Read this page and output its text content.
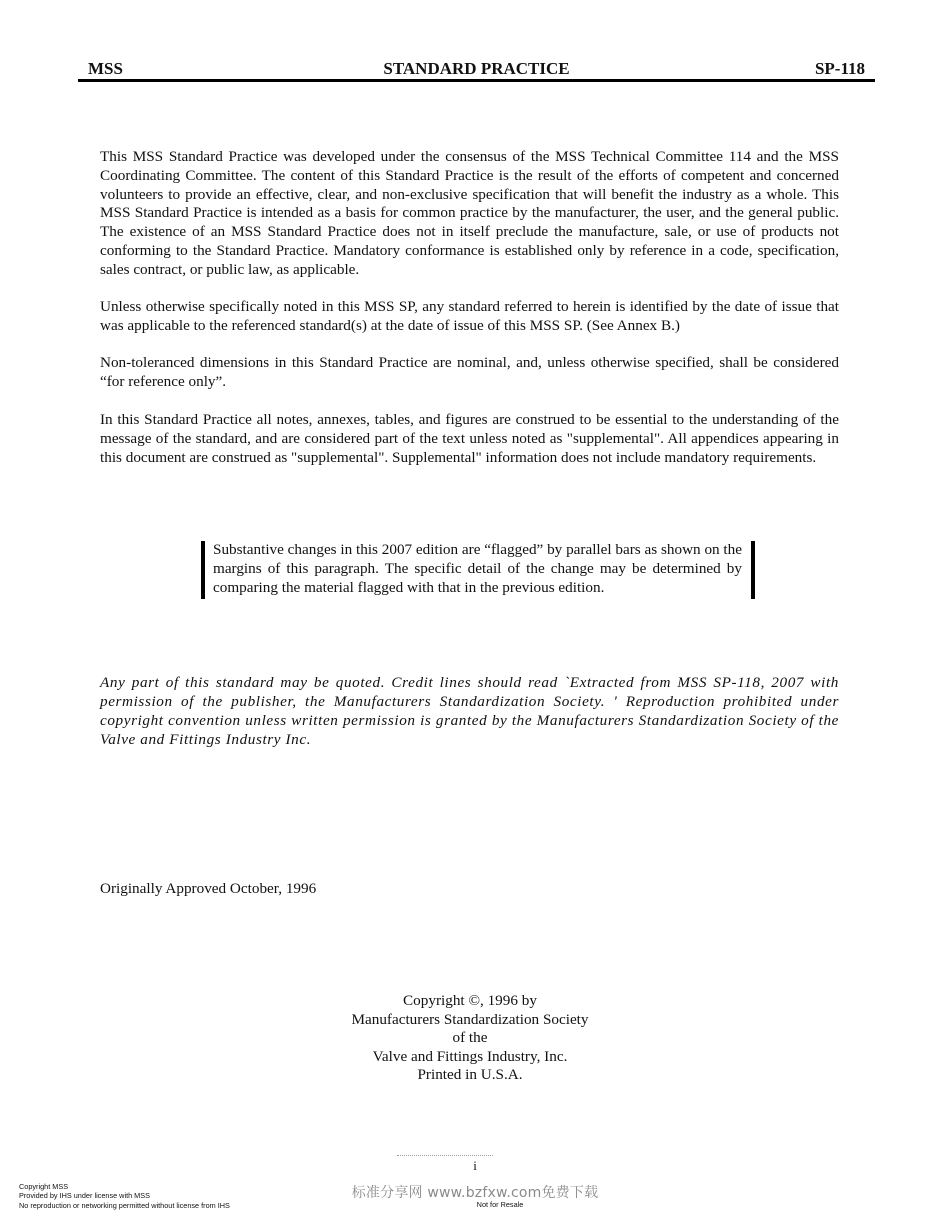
MSS	STANDARD PRACTICE	SP-118

This MSS Standard Practice was developed under the consensus of the MSS Technical Committee 114 and the MSS Coordinating Committee. The content of this Standard Practice is the result of the efforts of competent and concerned volunteers to provide an effective, clear, and non-exclusive specification that will benefit the industry as a whole. This MSS Standard Practice is intended as a basis for common practice by the manufacturer, the user, and the general public. The existence of an MSS Standard Practice does not in itself preclude the manufacture, sale, or use of products not conforming to the Standard Practice. Mandatory conformance is established only by reference in a code, specification, sales contract, or public law, as applicable.

Unless otherwise specifically noted in this MSS SP, any standard referred to herein is identified by the date of issue that was applicable to the referenced standard(s) at the date of issue of this MSS SP. (See Annex B.)

Non-toleranced dimensions in this Standard Practice are nominal, and, unless otherwise specified, shall be considered “for reference only”.

In this Standard Practice all notes, annexes, tables, and figures are construed to be essential to the understanding of the message of the standard, and are considered part of the text unless noted as "supplemental". All appendices appearing in this document are construed as "supplemental". Supplemental" information does not include mandatory requirements.

Substantive changes in this 2007 edition are “flagged” by parallel bars as shown on the margins of this paragraph. The specific detail of the change may be determined by comparing the material flagged with that in the previous edition.

Any part of this standard may be quoted. Credit lines should read `Extracted from MSS SP-118, 2007 with permission of the publisher, the Manufacturers Standardization Society. ' Reproduction prohibited under copyright convention unless written permission is granted by the Manufacturers Standardization Society of the Valve and Fittings Industry Inc.

Originally Approved October, 1996

Copyright ©, 1996 by
Manufacturers Standardization Society
of the
Valve and Fittings Industry, Inc.
Printed in U.S.A.
i
Copyright MSS
Provided by IHS under license with MSS
No reproduction or networking permitted without license from IHS
标准分享网 www.bzfxw.com免费下载
Not for Resale
